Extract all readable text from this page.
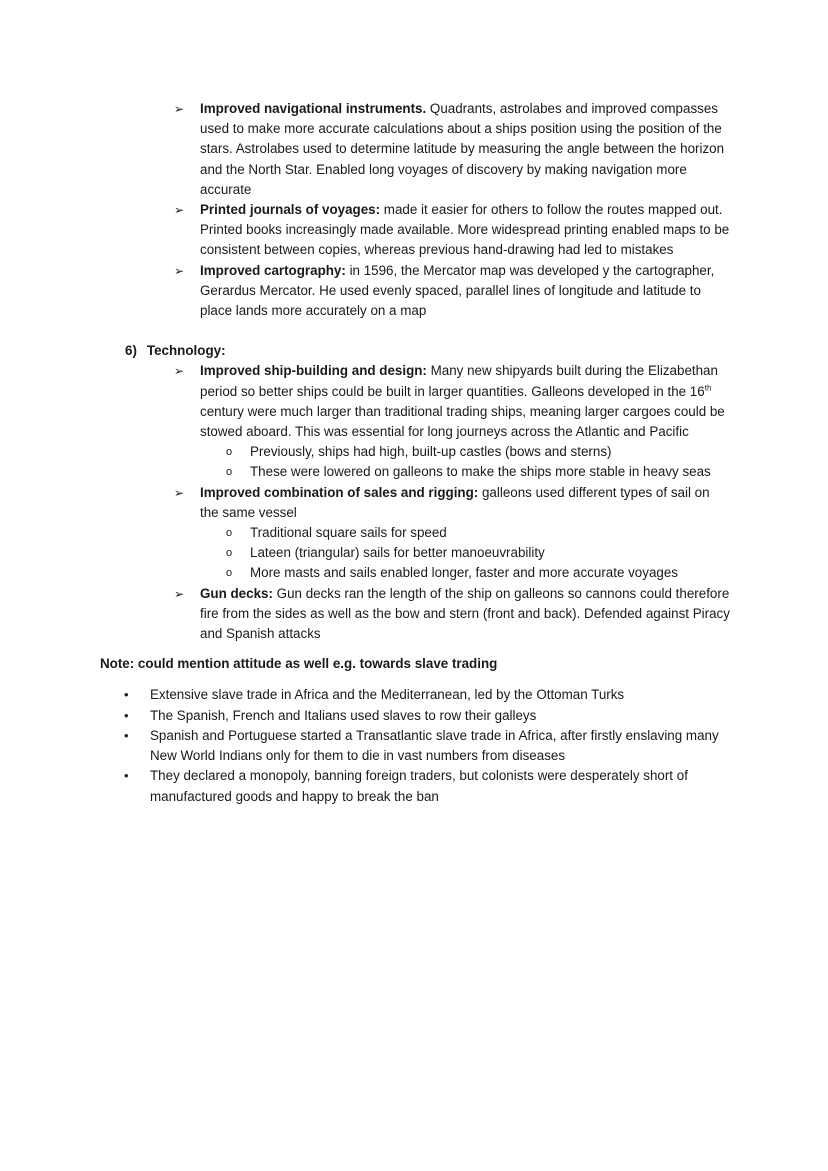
➢	Improved navigational instruments. Quadrants, astrolabes and improved compasses used to make more accurate calculations about a ships position using the position of the stars. Astrolabes used to determine latitude by measuring the angle between the horizon and the North Star. Enabled long voyages of discovery by making navigation more accurate
➢	Printed journals of voyages: made it easier for others to follow the routes mapped out. Printed books increasingly made available. More widespread printing enabled maps to be consistent between copies, whereas previous hand-drawing had led to mistakes
➢	Improved cartography: in 1596, the Mercator map was developed y the cartographer, Gerardus Mercator. He used evenly spaced, parallel lines of longitude and latitude to place lands more accurately on a map
6) Technology:
➢	Improved ship-building and design: Many new shipyards built during the Elizabethan period so better ships could be built in larger quantities. Galleons developed in the 16th century were much larger than traditional trading ships, meaning larger cargoes could be stowed aboard. This was essential for long journeys across the Atlantic and Pacific
o Previously, ships had high, built-up castles (bows and sterns)
o These were lowered on galleons to make the ships more stable in heavy seas
➢	Improved combination of sales and rigging: galleons used different types of sail on the same vessel
o Traditional square sails for speed
o Lateen (triangular) sails for better manoeuvrability
o More masts and sails enabled longer, faster and more accurate voyages
➢	Gun decks: Gun decks ran the length of the ship on galleons so cannons could therefore fire from the sides as well as the bow and stern (front and back). Defended against Piracy and Spanish attacks
Note: could mention attitude as well e.g. towards slave trading
• Extensive slave trade in Africa and the Mediterranean, led by the Ottoman Turks
• The Spanish, French and Italians used slaves to row their galleys
• Spanish and Portuguese started a Transatlantic slave trade in Africa, after firstly enslaving many New World Indians only for them to die in vast numbers from diseases
• They declared a monopoly, banning foreign traders, but colonists were desperately short of manufactured goods and happy to break the ban
